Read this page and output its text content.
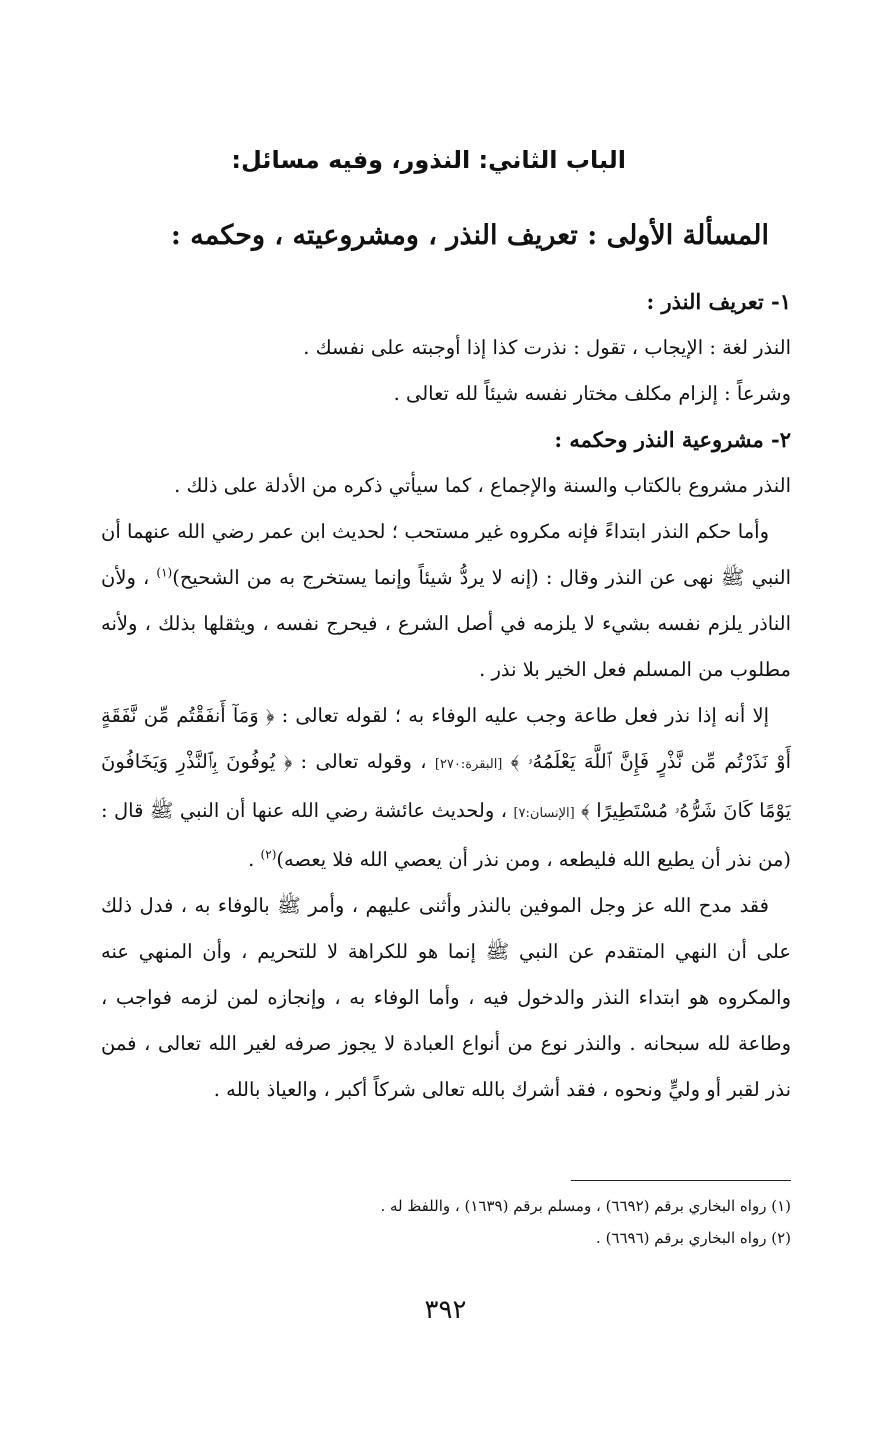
الباب الثاني: النذور، وفيه مسائل:
المسألة الأولى : تعريف النذر ، ومشروعيته ، وحكمه :

١- تعريف النذر :

النذر لغة : الإيجاب ، تقول : نذرت كذا إذا أوجبته على نفسك .

وشرعاً : إلزام مكلف مختار نفسه شيئاً لله تعالى .

٢- مشروعية النذر وحكمه :

النذر مشروع بالكتاب والسنة والإجماع ، كما سيأتي ذكره من الأدلة على ذلك .

وأما حكم النذر ابتداءً فإنه مكروه غير مستحب ؛ لحديث ابن عمر رضي الله عنهما أن النبي ﷺ نهى عن النذر وقال : (إنه لا يردُّ شيئاً وإنما يستخرج به من الشحيح)$^{(١)}$ ، ولأن الناذر يلزم نفسه بشيء لا يلزمه في أصل الشرع ، فيحرج نفسه ، ويثقلها بذلك ، ولأنه مطلوب من المسلم فعل الخير بلا نذر .

إلا أنه إذا نذر فعل طاعة وجب عليه الوفاء به ؛ لقوله تعالى : ﴿ وَمَآ أَنفَقْتُم مِّن نَّفَقَةٍ أَوْ نَذَرْتُم مِّن نَّذْرٍ فَإِنَّ ٱللَّهَ يَعْلَمُهُۥ ﴾ [البقرة:٢٧٠] ، وقوله تعالى : ﴿ يُوفُونَ بِٱلنَّذْرِ وَيَخَافُونَ يَوْمًا كَانَ شَرُّهُۥ مُسْتَطِيرًا ﴾ [الإنسان:٧] ، ولحديث عائشة رضي الله عنها أن النبي ﷺ قال : (من نذر أن يطيع الله فليطعه ، ومن نذر أن يعصي الله فلا يعصه)$^{(٢)}$ .

فقد مدح الله عز وجل الموفين بالنذر وأثنى عليهم ، وأمر ﷺ بالوفاء به ، فدل ذلك على أن النهي المتقدم عن النبي ﷺ إنما هو للكراهة لا للتحريم ، وأن المنهي عنه والمكروه هو ابتداء النذر والدخول فيه ، وأما الوفاء به ، وإنجازه لمن لزمه فواجب ، وطاعة لله سبحانه . والنذر نوع من أنواع العبادة لا يجوز صرفه لغير الله تعالى ، فمن نذر لقبر أو وليٍّ ونحوه ، فقد أشرك بالله تعالى شركاً أكبر ، والعياذ بالله .

(١) رواه البخاري برقم (٦٦٩٢) ، ومسلم برقم (١٦٣٩) ، واللفظ له .

(٢) رواه البخاري برقم (٦٦٩٦) .

٣٩٢
